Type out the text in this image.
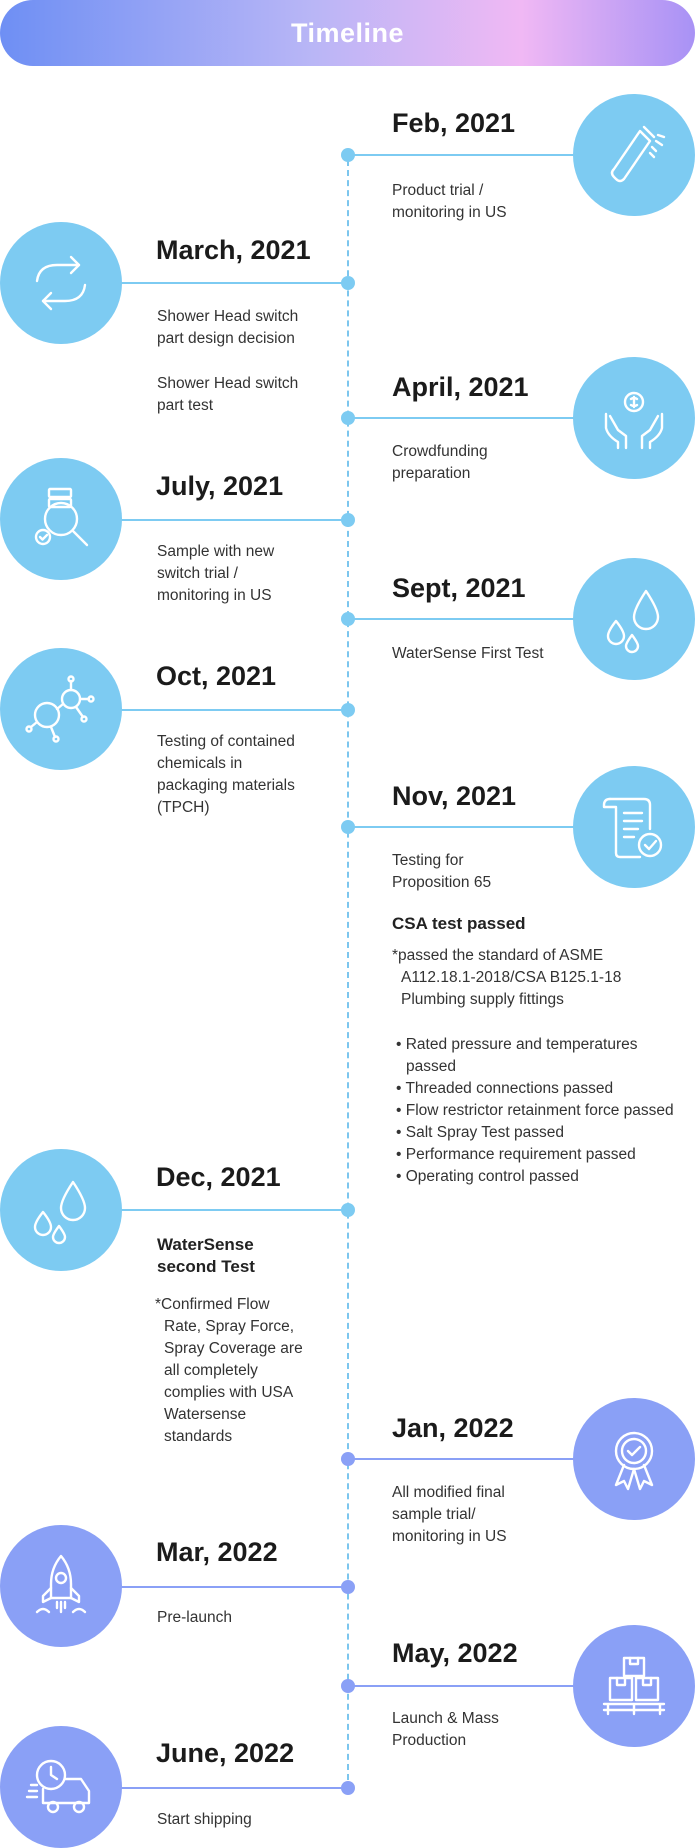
Timeline
Feb, 2021

Product trial /

monitoring in US

March, 2021

Shower Head switch

part design decision

Shower Head switch

part test

April, 2021

Crowdfunding

preparation

July, 2021

Sample with new

switch trial /

monitoring in US	Sept, 2021

WaterSense First Test

Oct, 2021

Testing of contained

chemicals in

packaging materials

(TPCH)	Nov, 2021

Testing for

Proposition 65

CSA test passed

*passed the standard of ASME

A112.18.1-2018/CSA B125.1-18

Plumbing supply fittings

• Rated pressure and temperatures passed
• Threaded connections passed
• Flow restrictor retainment force passed
• Salt Spray Test passed
• Performance requirement passed
• Operating control passed
Dec, 2021
WaterSense
second Test

*Confirmed Flow

Rate, Spray Force,

Spray Coverage are

all completely

complies with USA

Watersense

standards	Jan, 2022

All modified final

sample trial/

monitoring in US

Mar, 2022

Pre-launch

May, 2022

Launch & Mass

Production

June, 2022

Start shipping
